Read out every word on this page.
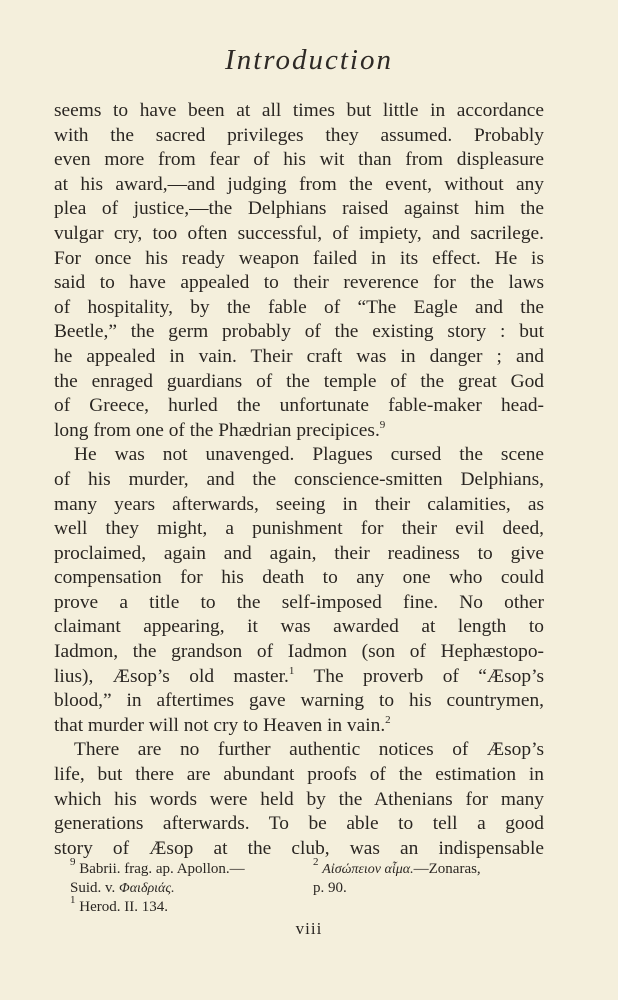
Introduction
seems to have been at all times but little in accordance
with the sacred privileges they assumed. Probably
even more from fear of his wit than from displeasure
at his award,—and judging from the event, without any
plea of justice,—the Delphians raised against him the
vulgar cry, too often successful, of impiety, and sacrilege.
For once his ready weapon failed in its effect. He is
said to have appealed to their reverence for the laws
of hospitality, by the fable of “The Eagle and the
Beetle,” the germ probably of the existing story : but
he appealed in vain. Their craft was in danger ; and
the enraged guardians of the temple of the great God
of Greece, hurled the unfortunate fable-maker head-
long from one of the Phædrian precipices.$^9$
He was not unavenged. Plagues cursed the scene
of his murder, and the conscience-smitten Delphians,
many years afterwards, seeing in their calamities, as
well they might, a punishment for their evil deed,
proclaimed, again and again, their readiness to give
compensation for his death to any one who could
prove a title to the self-imposed fine. No other
claimant appearing, it was awarded at length to
Iadmon, the grandson of Iadmon (son of Hephæstopo-
lius), Æsop’s old master.$^1$ The proverb of “Æsop’s
blood,” in aftertimes gave warning to his countrymen,
that murder will not cry to Heaven in vain.$^2$
There are no further authentic notices of Æsop’s
life, but there are abundant proofs of the estimation in
which his words were held by the Athenians for many
generations afterwards. To be able to tell a good
story of Æsop at the club, was an indispensable
$^9$ Babrii. frag. ap. Apollon.—	$^2$ Αἰσώπειον αἷμα.—Zonaras,
Suid. v. Φαιδριάς.	p. 90.
$^1$ Herod. II. 134.
viii
